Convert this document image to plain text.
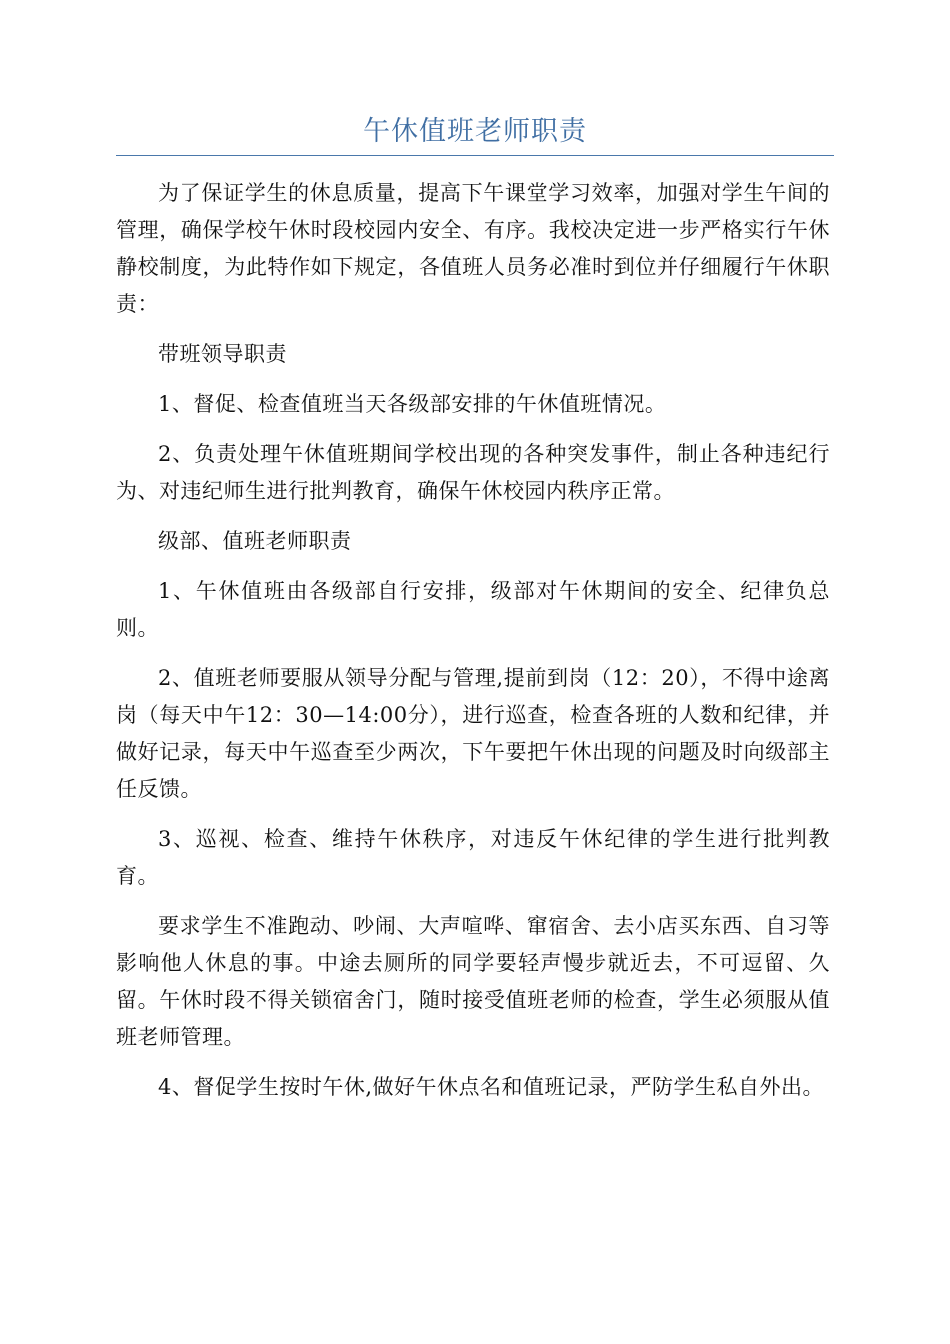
午休值班老师职责

为了保证学生的休息质量，提高下午课堂学习效率，加强对学生午间的管理，确保学校午休时段校园内安全、有序。我校决定进一步严格实行午休静校制度，为此特作如下规定，各值班人员务必准时到位并仔细履行午休职责：

带班领导职责

1、督促、检查值班当天各级部安排的午休值班情况。

2、负责处理午休值班期间学校出现的各种突发事件，制止各种违纪行为、对违纪师生进行批判教育，确保午休校园内秩序正常。

级部、值班老师职责

1、午休值班由各级部自行安排，级部对午休期间的安全、纪律负总则。

2、值班老师要服从领导分配与管理,提前到岗（12：20），不得中途离岗（每天中午12：30—14:00分），进行巡查，检查各班的人数和纪律，并做好记录，每天中午巡查至少两次，下午要把午休出现的问题及时向级部主任反馈。

3、巡视、检查、维持午休秩序，对违反午休纪律的学生进行批判教育。

要求学生不准跑动、吵闹、大声喧哗、窜宿舍、去小店买东西、自习等影响他人休息的事。中途去厕所的同学要轻声慢步就近去，不可逗留、久留。午休时段不得关锁宿舍门，随时接受值班老师的检查，学生必须服从值班老师管理。

4、督促学生按时午休,做好午休点名和值班记录，严防学生私自外出。
